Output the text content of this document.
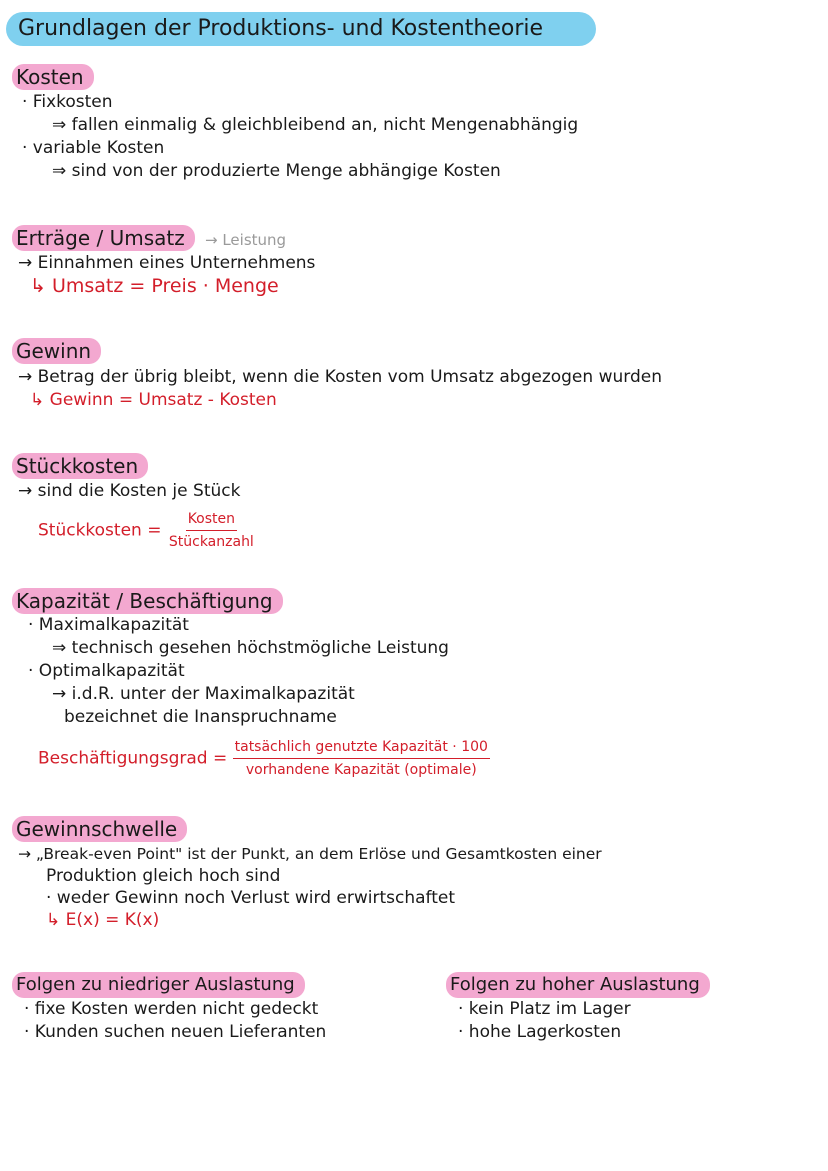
Grundlagen der Produktions- und Kostentheorie
Kosten
· Fixkosten
⇒ fallen einmalig & gleichbleibend an, nicht Mengenabhängig
· variable Kosten
⇒ sind von der produzierte Menge abhängige Kosten
Erträge / Umsatz	→ Leistung
→ Einnahmen eines Unternehmens
↳ Umsatz = Preis · Menge
Gewinn
→ Betrag der übrig bleibt, wenn die Kosten vom Umsatz abgezogen wurden
↳ Gewinn = Umsatz - Kosten
Stückkosten
→ sind die Kosten je Stück
Stückkosten = $\frac{\text{Kosten}}{\text{Stückanzahl}}$
Kapazität / Beschäftigung
· Maximalkapazität
⇒ technisch gesehen höchstmögliche Leistung
· Optimalkapazität
→ i.d.R. unter der Maximalkapazität
bezeichnet die Inanspruchname
Beschäftigungsgrad = $\frac{\text{tatsächlich genutzte Kapazität · 100}}{\text{vorhandene Kapazität (optimale)}}$
Gewinnschwelle
→ „Break-even Point" ist der Punkt, an dem Erlöse und Gesamtkosten einer
Produktion gleich hoch sind
· weder Gewinn noch Verlust wird erwirtschaftet
↳ E(x) = K(x)
Folgen zu niedriger Auslastung
· fixe Kosten werden nicht gedeckt
· Kunden suchen neuen Lieferanten
Folgen zu hoher Auslastung
· kein Platz im Lager
· hohe Lagerkosten
